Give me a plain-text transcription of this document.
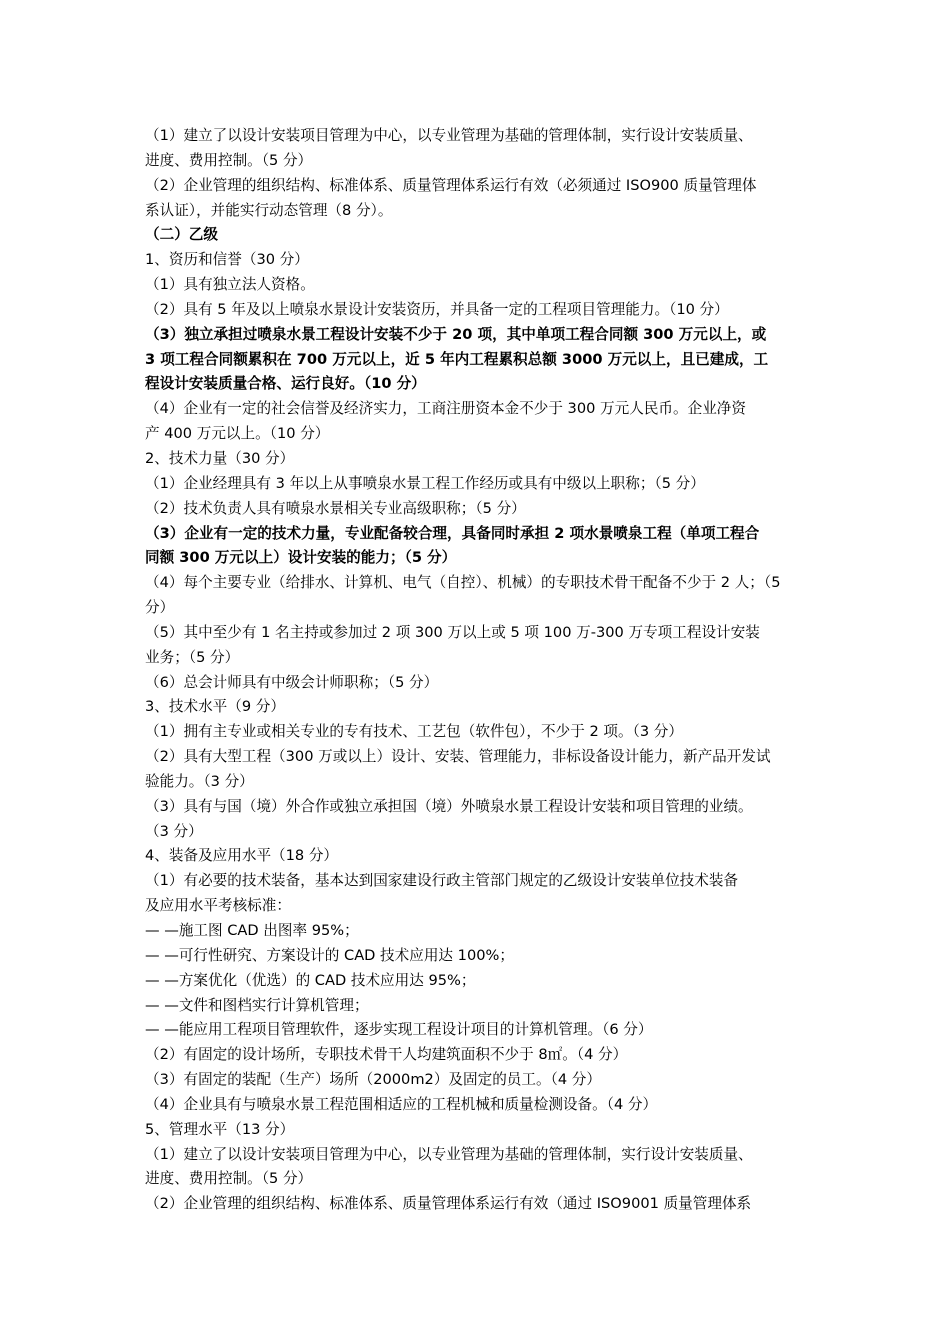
（1）建立了以设计安装项目管理为中心，以专业管理为基础的管理体制，实行设计安装质量、
进度、费用控制。（5 分）
（2）企业管理的组织结构、标准体系、质量管理体系运行有效（必须通过 ISO900 质量管理体
系认证），并能实行动态管理（8 分）。
（二）乙级
1、资历和信誉（30 分）
（1）具有独立法人资格。
（2）具有 5 年及以上喷泉水景设计安装资历，并具备一定的工程项目管理能力。（10 分）
（3）独立承担过喷泉水景工程设计安装不少于 20 项，其中单项工程合同额 300 万元以上，或
3 项工程合同额累积在 700 万元以上，近 5 年内工程累积总额 3000 万元以上，且已建成，工
程设计安装质量合格、运行良好。（10 分）
（4）企业有一定的社会信誉及经济实力，工商注册资本金不少于 300 万元人民币。企业净资
产 400 万元以上。（10 分）
2、技术力量（30 分）
（1）企业经理具有 3 年以上从事喷泉水景工程工作经历或具有中级以上职称；（5 分）
（2）技术负责人具有喷泉水景相关专业高级职称；（5 分）
（3）企业有一定的技术力量，专业配备较合理，具备同时承担 2 项水景喷泉工程（单项工程合
同额 300 万元以上）设计安装的能力；（5 分）
（4）每个主要专业（给排水、计算机、电气（自控）、机械）的专职技术骨干配备不少于 2 人；（5
分）
（5）其中至少有 1 名主持或参加过 2 项 300 万以上或 5 项 100 万-300 万专项工程设计安装
业务；（5 分）
（6）总会计师具有中级会计师职称；（5 分）
3、技术水平（9 分）
（1）拥有主专业或相关专业的专有技术、工艺包（软件包），不少于 2 项。（3 分）
（2）具有大型工程（300 万或以上）设计、安装、管理能力，非标设备设计能力，新产品开发试
验能力。（3 分）
（3）具有与国（境）外合作或独立承担国（境）外喷泉水景工程设计安装和项目管理的业绩。
（3 分）
4、装备及应用水平（18 分）
（1）有必要的技术装备，基本达到国家建设行政主管部门规定的乙级设计安装单位技术装备
及应用水平考核标准：
— —施工图 CAD 出图率 95%；
— —可行性研究、方案设计的 CAD 技术应用达 100%；
— —方案优化（优选）的 CAD 技术应用达 95%；
— —文件和图档实行计算机管理；
— —能应用工程项目管理软件，逐步实现工程设计项目的计算机管理。（6 分）
（2）有固定的设计场所，专职技术骨干人均建筑面积不少于 8㎡。（4 分）
（3）有固定的装配（生产）场所（2000m2）及固定的员工。（4 分）
（4）企业具有与喷泉水景工程范围相适应的工程机械和质量检测设备。（4 分）
5、管理水平（13 分）
（1）建立了以设计安装项目管理为中心，以专业管理为基础的管理体制，实行设计安装质量、
进度、费用控制。（5 分）
（2）企业管理的组织结构、标准体系、质量管理体系运行有效（通过 ISO9001 质量管理体系
